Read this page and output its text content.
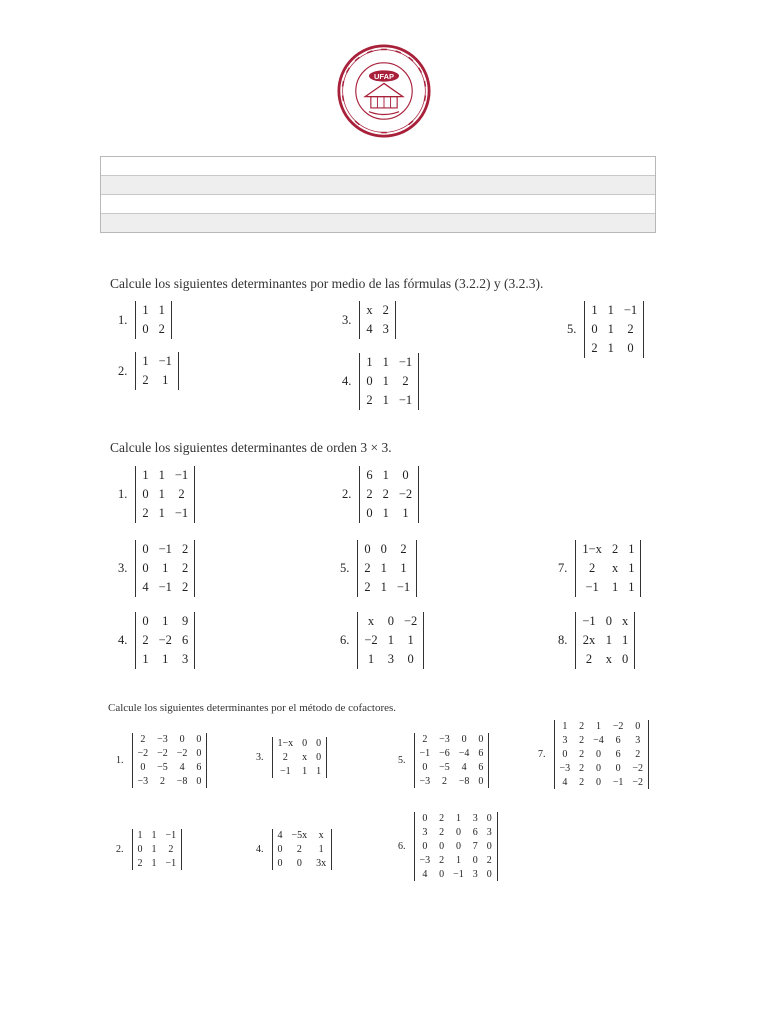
UFAP
Calcule los siguientes determinantes por medio de las fórmulas (3.2.2) y (3.2.3).
1.
1 1
0 2
2.
1 −1
2 1
3.
x 2
4 3
4.
1 1 −1
0 1 2
2 1 −1
5.
1 1 −1
0 1 2
2 1 0
Calcule los siguientes determinantes de orden 3 × 3.
1.
1 1 −1
0 1 2
2 1 −1
2.
6 1 0
2 2 −2
0 1 1
3.
0 −1 2
0 1 2
4 −1 2
4.
0 1 9
2 −2 6
1 1 3
5.
0 0 2
2 1 1
2 1 −1
6.
x 0 −2
−2 1 1
1 3 0
7.
1−x 2 1
2	x 1
−1 1 1
8.
−1 0 x
2x 1 1
2 x 0
Calcule los siguientes determinantes por el método de cofactores.
1.
2 −3 0 0
−2 −2 −2 0
0 −5 4 6
−3 2 −8 0
2.
1 1 −1
0 1 2
2 1 −1
3.
1−x 0 0
2	x 0
−1 1 1
4.
4 −5x x
0	2	1
0	0	3x
5.
2 −3 0 0
−1 −6 −4 6
0 −5 4 6
−3 2 −8 0
6.
0 2 1 3 0
3 2 0 6 3
0 0 0 7 0
−3 2 1 0 2
4 0 −1 3 0
7.
1 2 1 −2 0
3 2 −4 6 3
0 2 0 6 2
−3 2 0 0 −2
4 2 0 −1 −2
